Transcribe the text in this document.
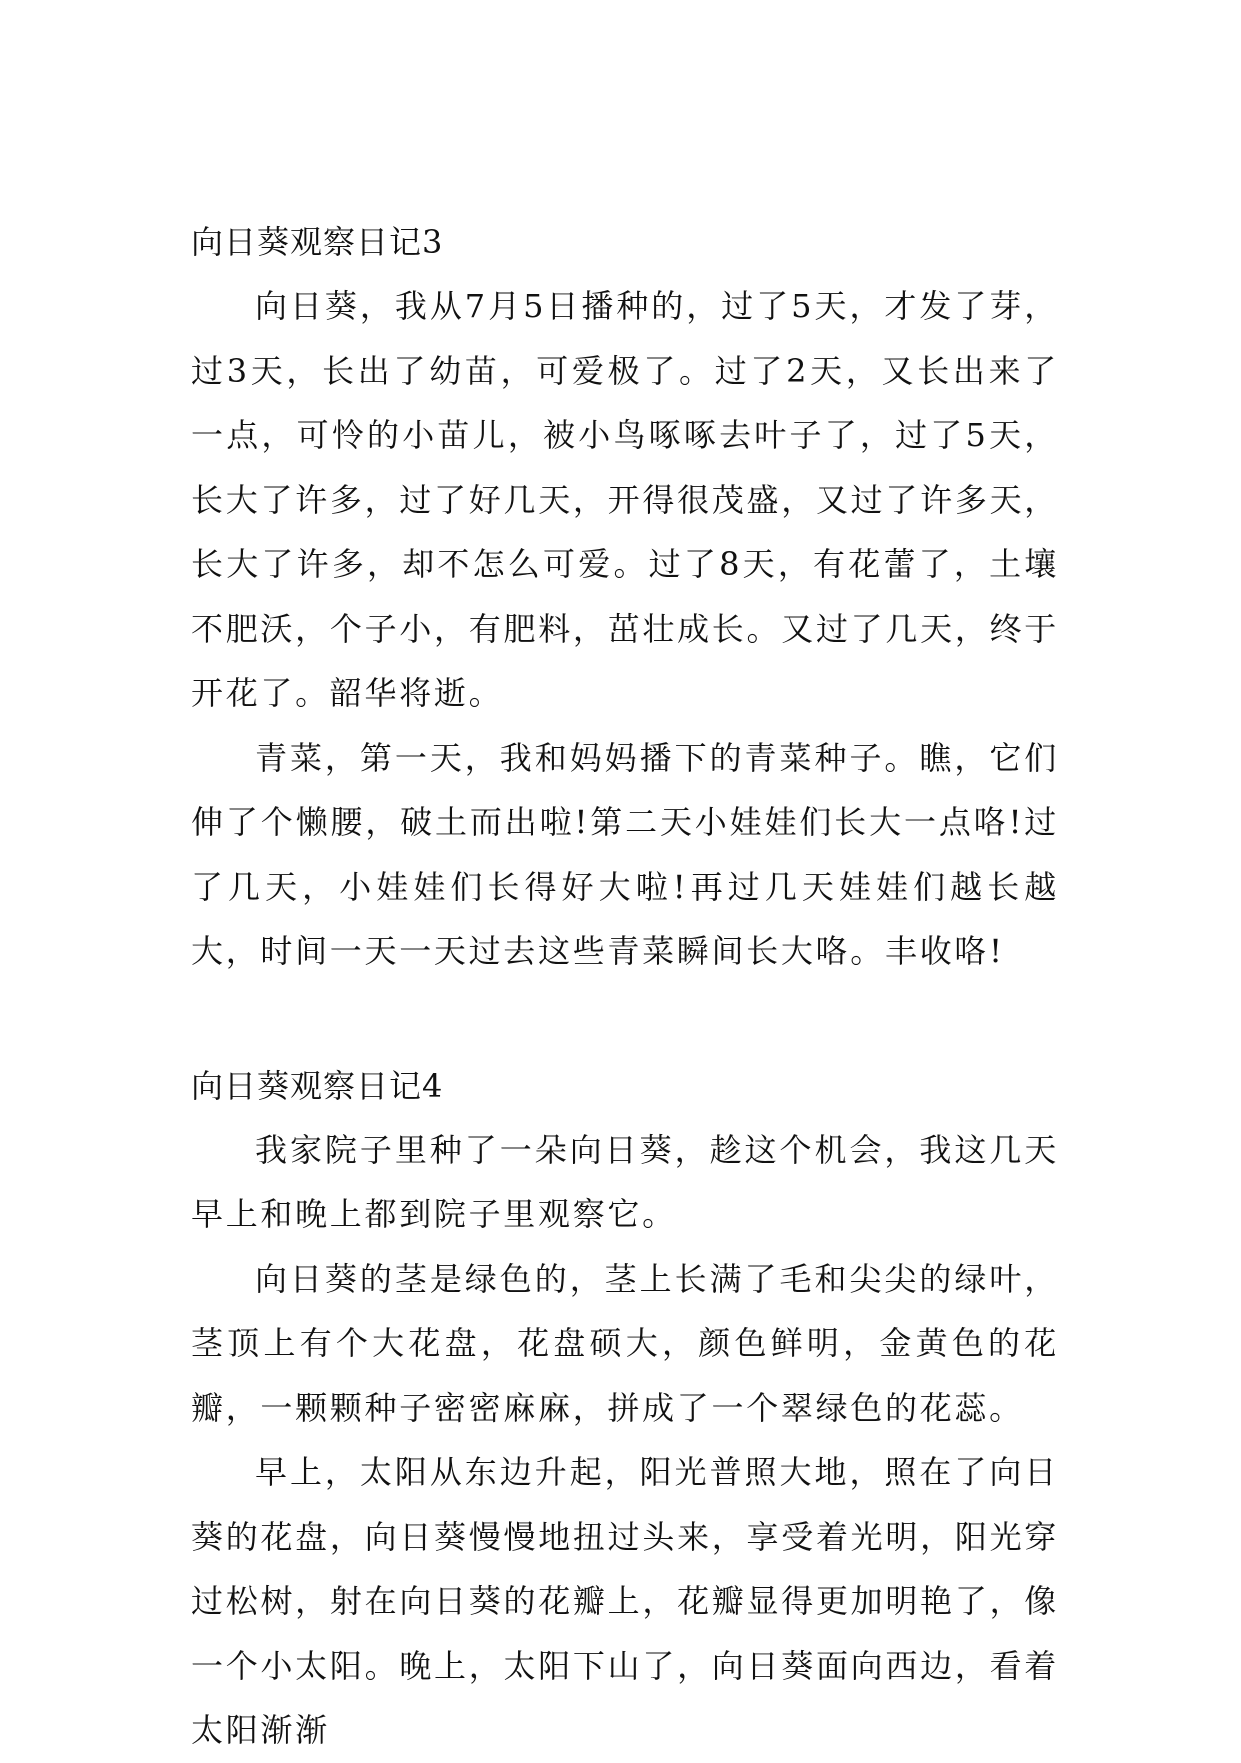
向日葵观察日记3

向日葵，我从7月5日播种的，过了5天，才发了芽，过3天，长出了幼苗，可爱极了。过了2天，又长出来了一点，可怜的小苗儿，被小鸟啄啄去叶子了，过了5天，长大了许多，过了好几天，开得很茂盛，又过了许多天，长大了许多，却不怎么可爱。过了8天，有花蕾了，土壤不肥沃，个子小，有肥料，茁壮成长。又过了几天，终于开花了。韶华将逝。

青菜，第一天，我和妈妈播下的青菜种子。瞧，它们伸了个懒腰，破土而出啦!第二天小娃娃们长大一点咯!过了几天，小娃娃们长得好大啦!再过几天娃娃们越长越大，时间一天一天过去这些青菜瞬间长大咯。丰收咯!

向日葵观察日记4

我家院子里种了一朵向日葵，趁这个机会，我这几天早上和晚上都到院子里观察它。

向日葵的茎是绿色的，茎上长满了毛和尖尖的绿叶，茎顶上有个大花盘，花盘硕大，颜色鲜明，金黄色的花瓣，一颗颗种子密密麻麻，拼成了一个翠绿色的花蕊。

早上，太阳从东边升起，阳光普照大地，照在了向日葵的花盘，向日葵慢慢地扭过头来，享受着光明，阳光穿过松树，射在向日葵的花瓣上，花瓣显得更加明艳了，像一个小太阳。晚上，太阳下山了，向日葵面向西边，看着太阳渐渐
